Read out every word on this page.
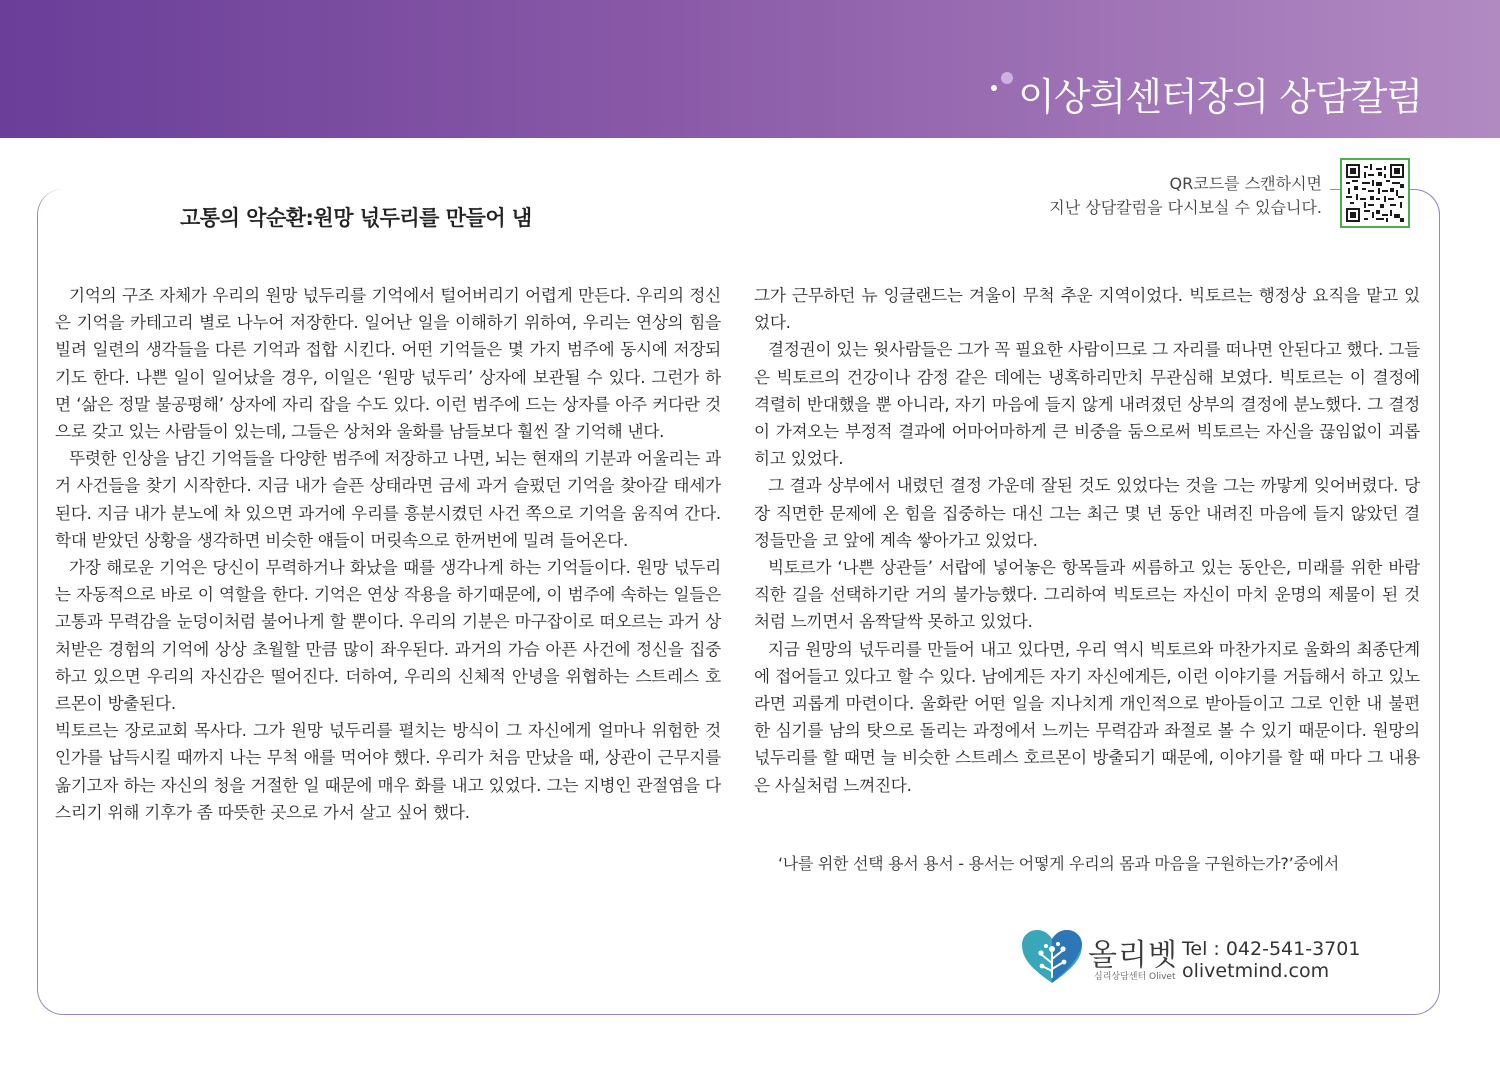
이상희센터장의 상담칼럼
고통의 악순환:원망 넋두리를 만들어 냄
QR코드를 스캔하시면
지난 상담칼럼을 다시보실 수 있습니다.

기억의 구조 자체가 우리의 원망 넋두리를 기억에서 털어버리기 어렵게 만든다. 우리의 정신은 기억을 카테고리 별로 나누어 저장한다. 일어난 일을 이해하기 위하여, 우리는 연상의 힘을 빌려 일련의 생각들을 다른 기억과 접합 시킨다. 어떤 기억들은 몇 가지 범주에 동시에 저장되기도 한다. 나쁜 일이 일어났을 경우, 이일은 ‘원망 넋두리’ 상자에 보관될 수 있다. 그런가 하면 ‘삶은 정말 불공평해’ 상자에 자리 잡을 수도 있다. 이런 범주에 드는 상자를 아주 커다란 것으로 갖고 있는 사람들이 있는데, 그들은 상처와 울화를 남들보다 훨씬 잘 기억해 낸다.

뚜렷한 인상을 남긴 기억들을 다양한 범주에 저장하고 나면, 뇌는 현재의 기분과 어울리는 과거 사건들을 찾기 시작한다. 지금 내가 슬픈 상태라면 금세 과거 슬펐던 기억을 찾아갈 태세가 된다. 지금 내가 분노에 차 있으면 과거에 우리를 흥분시켰던 사건 쪽으로 기억을 움직여 간다. 학대 받았던 상황을 생각하면 비슷한 얘들이 머릿속으로 한꺼번에 밀려 들어온다.

가장 해로운 기억은 당신이 무력하거나 화났을 때를 생각나게 하는 기억들이다. 원망 넋두리는 자동적으로 바로 이 역할을 한다. 기억은 연상 작용을 하기때문에, 이 범주에 속하는 일들은 고통과 무력감을 눈덩이처럼 불어나게 할 뿐이다. 우리의 기분은 마구잡이로 떠오르는 과거 상처받은 경험의 기억에 상상 초월할 만큼 많이 좌우된다. 과거의 가슴 아픈 사건에 정신을 집중하고 있으면 우리의 자신감은 떨어진다. 더하여, 우리의 신체적 안녕을 위협하는 스트레스 호르몬이 방출된다.

빅토르는 장로교회 목사다. 그가 원망 넋두리를 펼치는 방식이 그 자신에게 얼마나 위험한 것인가를 납득시킬 때까지 나는 무척 애를 먹어야 했다. 우리가 처음 만났을 때, 상관이 근무지를 옮기고자 하는 자신의 청을 거절한 일 때문에 매우 화를 내고 있었다. 그는 지병인 관절염을 다스리기 위해 기후가 좀 따뜻한 곳으로 가서 살고 싶어 했다.

그가 근무하던 뉴 잉글랜드는 겨울이 무척 추운 지역이었다. 빅토르는 행정상 요직을 맡고 있었다.

결정권이 있는 윗사람들은 그가 꼭 필요한 사람이므로 그 자리를 떠나면 안된다고 했다. 그들은 빅토르의 건강이나 감정 같은 데에는 냉혹하리만치 무관심해 보였다. 빅토르는 이 결정에 격렬히 반대했을 뿐 아니라, 자기 마음에 들지 않게 내려졌던 상부의 결정에 분노했다. 그 결정이 가져오는 부정적 결과에 어마어마하게 큰 비중을 둠으로써 빅토르는 자신을 끊임없이 괴롭히고 있었다.

그 결과 상부에서 내렸던 결정 가운데 잘된 것도 있었다는 것을 그는 까맣게 잊어버렸다. 당장 직면한 문제에 온 힘을 집중하는 대신 그는 최근 몇 년 동안 내려진 마음에 들지 않았던 결정들만을 코 앞에 계속 쌓아가고 있었다.

빅토르가 ‘나쁜 상관들’ 서랍에 넣어놓은 항목들과 씨름하고 있는 동안은, 미래를 위한 바람직한 길을 선택하기란 거의 불가능했다. 그리하여 빅토르는 자신이 마치 운명의 제물이 된 것처럼 느끼면서 옴짝달싹 못하고 있었다.

지금 원망의 넋두리를 만들어 내고 있다면, 우리 역시 빅토르와 마찬가지로 울화의 최종단계에 접어들고 있다고 할 수 있다. 남에게든 자기 자신에게든, 이런 이야기를 거듭해서 하고 있노라면 괴롭게 마련이다. 울화란 어떤 일을 지나치게 개인적으로 받아들이고 그로 인한 내 불편한 심기를 남의 탓으로 돌리는 과정에서 느끼는 무력감과 좌절로 볼 수 있기 때문이다. 원망의 넋두리를 할 때면 늘 비슷한 스트레스 호르몬이 방출되기 때문에, 이야기를 할 때 마다 그 내용은 사실처럼 느껴진다.

‘나를 위한 선택 용서 용서 - 용서는 어떻게 우리의 몸과 마음을 구원하는가?’중에서
올리벳
심리상담센터 Olivet
Tel : 042-541-3701
olivetmind.com
